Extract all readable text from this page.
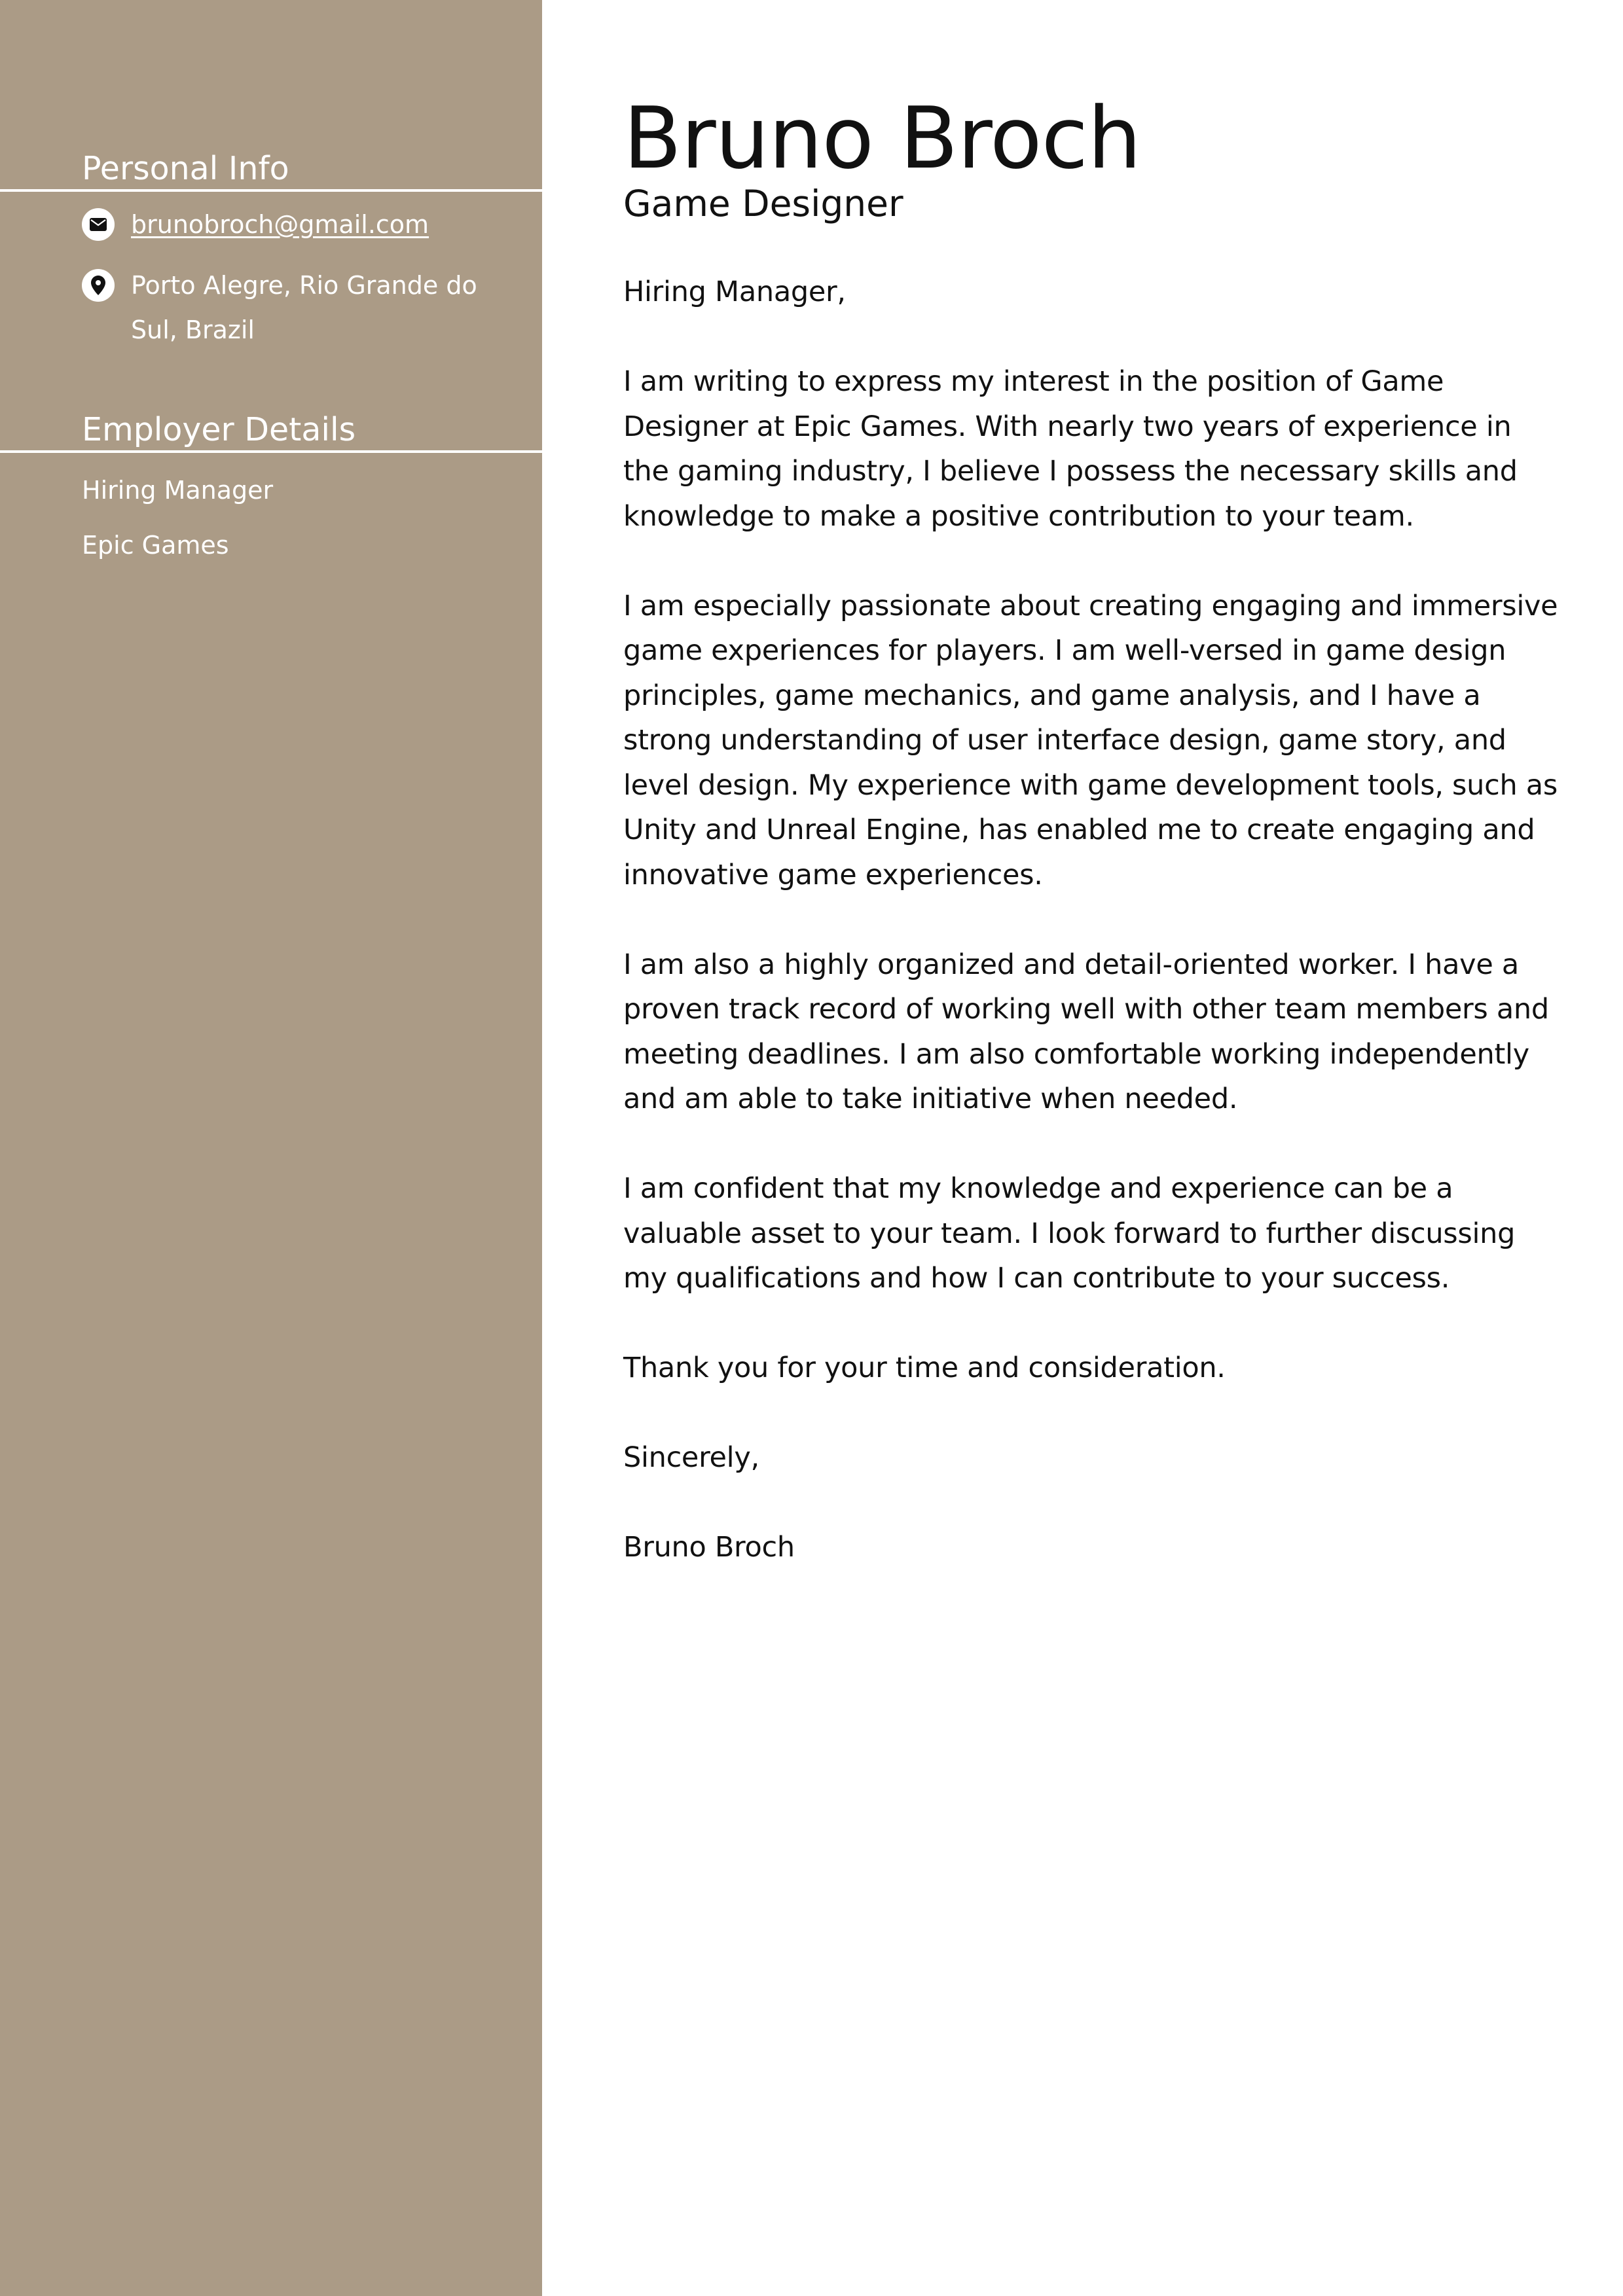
Personal Info
brunobroch@gmail.com
Porto Alegre, Rio Grande do Sul, Brazil
Employer Details
Hiring Manager
Epic Games
Bruno Broch
Game Designer

Hiring Manager,

I am writing to express my interest in the position of Game Designer at Epic Games. With nearly two years of experience in the gaming industry, I believe I possess the necessary skills and knowledge to make a positive contribution to your team.

I am especially passionate about creating engaging and immersive game experiences for players. I am well-versed in game design principles, game mechanics, and game analysis, and I have a strong understanding of user interface design, game story, and level design. My experience with game development tools, such as Unity and Unreal Engine, has enabled me to create engaging and innovative game experiences.

I am also a highly organized and detail-oriented worker. I have a proven track record of working well with other team members and meeting deadlines. I am also comfortable working independently and am able to take initiative when needed.

I am confident that my knowledge and experience can be a valuable asset to your team. I look forward to further discussing my qualifications and how I can contribute to your success.

Thank you for your time and consideration.

Sincerely,

Bruno Broch
